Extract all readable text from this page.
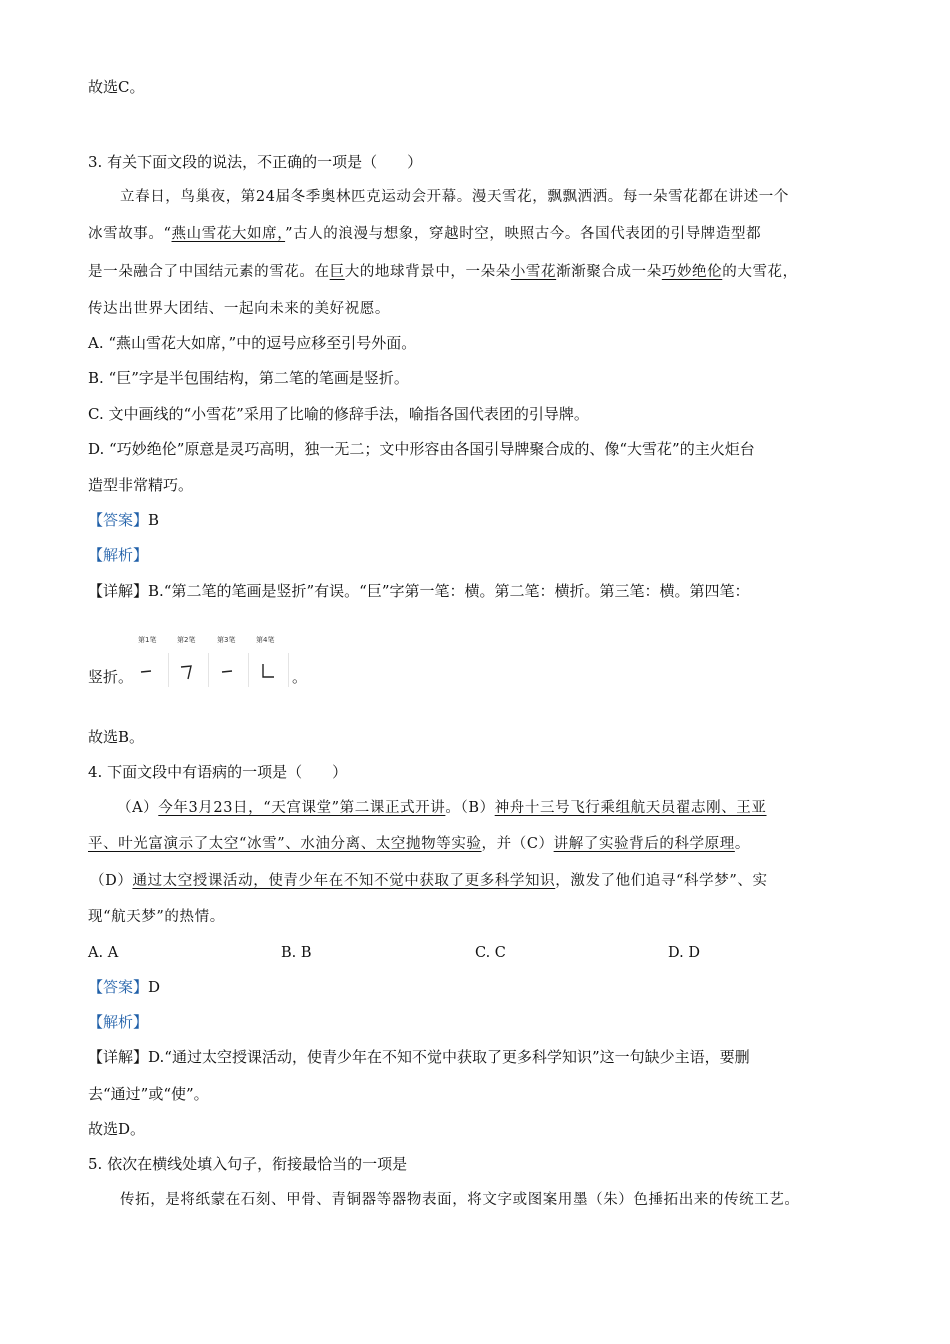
故选C。
3. 有关下面文段的说法，不正确的一项是（　　）
立春日，鸟巢夜，第24届冬季奥林匹克运动会开幕。漫天雪花，飘飘洒洒。每一朵雪花都在讲述一个
冰雪故事。“燕山雪花大如席，”古人的浪漫与想象，穿越时空，映照古今。各国代表团的引导牌造型都
是一朵融合了中国结元素的雪花。在巨大的地球背景中，一朵朵小雪花渐渐聚合成一朵巧妙绝伦的大雪花，
传达出世界大团结、一起向未来的美好祝愿。
A. “燕山雪花大如席，”中的逗号应移至引号外面。
B. “巨”字是半包围结构，第二笔的笔画是竖折。
C. 文中画线的“小雪花”采用了比喻的修辞手法，喻指各国代表团的引导牌。
D. “巧妙绝伦”原意是灵巧高明，独一无二；文中形容由各国引导牌聚合成的、像“大雪花”的主火炬台
造型非常精巧。
【答案】B
【解析】
【详解】B.“第二笔的笔画是竖折”有误。“巨”字第一笔：横。第二笔：横折。第三笔：横。第四笔：
竖折。
第1笔	第2笔	第3笔	第4笔
。
故选B。
4. 下面文段中有语病的一项是（　　）
（A）今年3月23日，“天宫课堂”第二课正式开讲。（B）神舟十三号飞行乘组航天员翟志刚、王亚
平、叶光富演示了太空“冰雪”、水油分离、太空抛物等实验，并（C）讲解了实验背后的科学原理。
（D）通过太空授课活动，使青少年在不知不觉中获取了更多科学知识，激发了他们追寻“科学梦”、实
现“航天梦”的热情。
A. A	B. B	C. C	D. D
【答案】D
【解析】
【详解】D.“通过太空授课活动，使青少年在不知不觉中获取了更多科学知识”这一句缺少主语，要删
去“通过”或“使”。
故选D。
5. 依次在横线处填入句子，衔接最恰当的一项是
传拓，是将纸蒙在石刻、甲骨、青铜器等器物表面，将文字或图案用墨（朱）色捶拓出来的传统工艺。
